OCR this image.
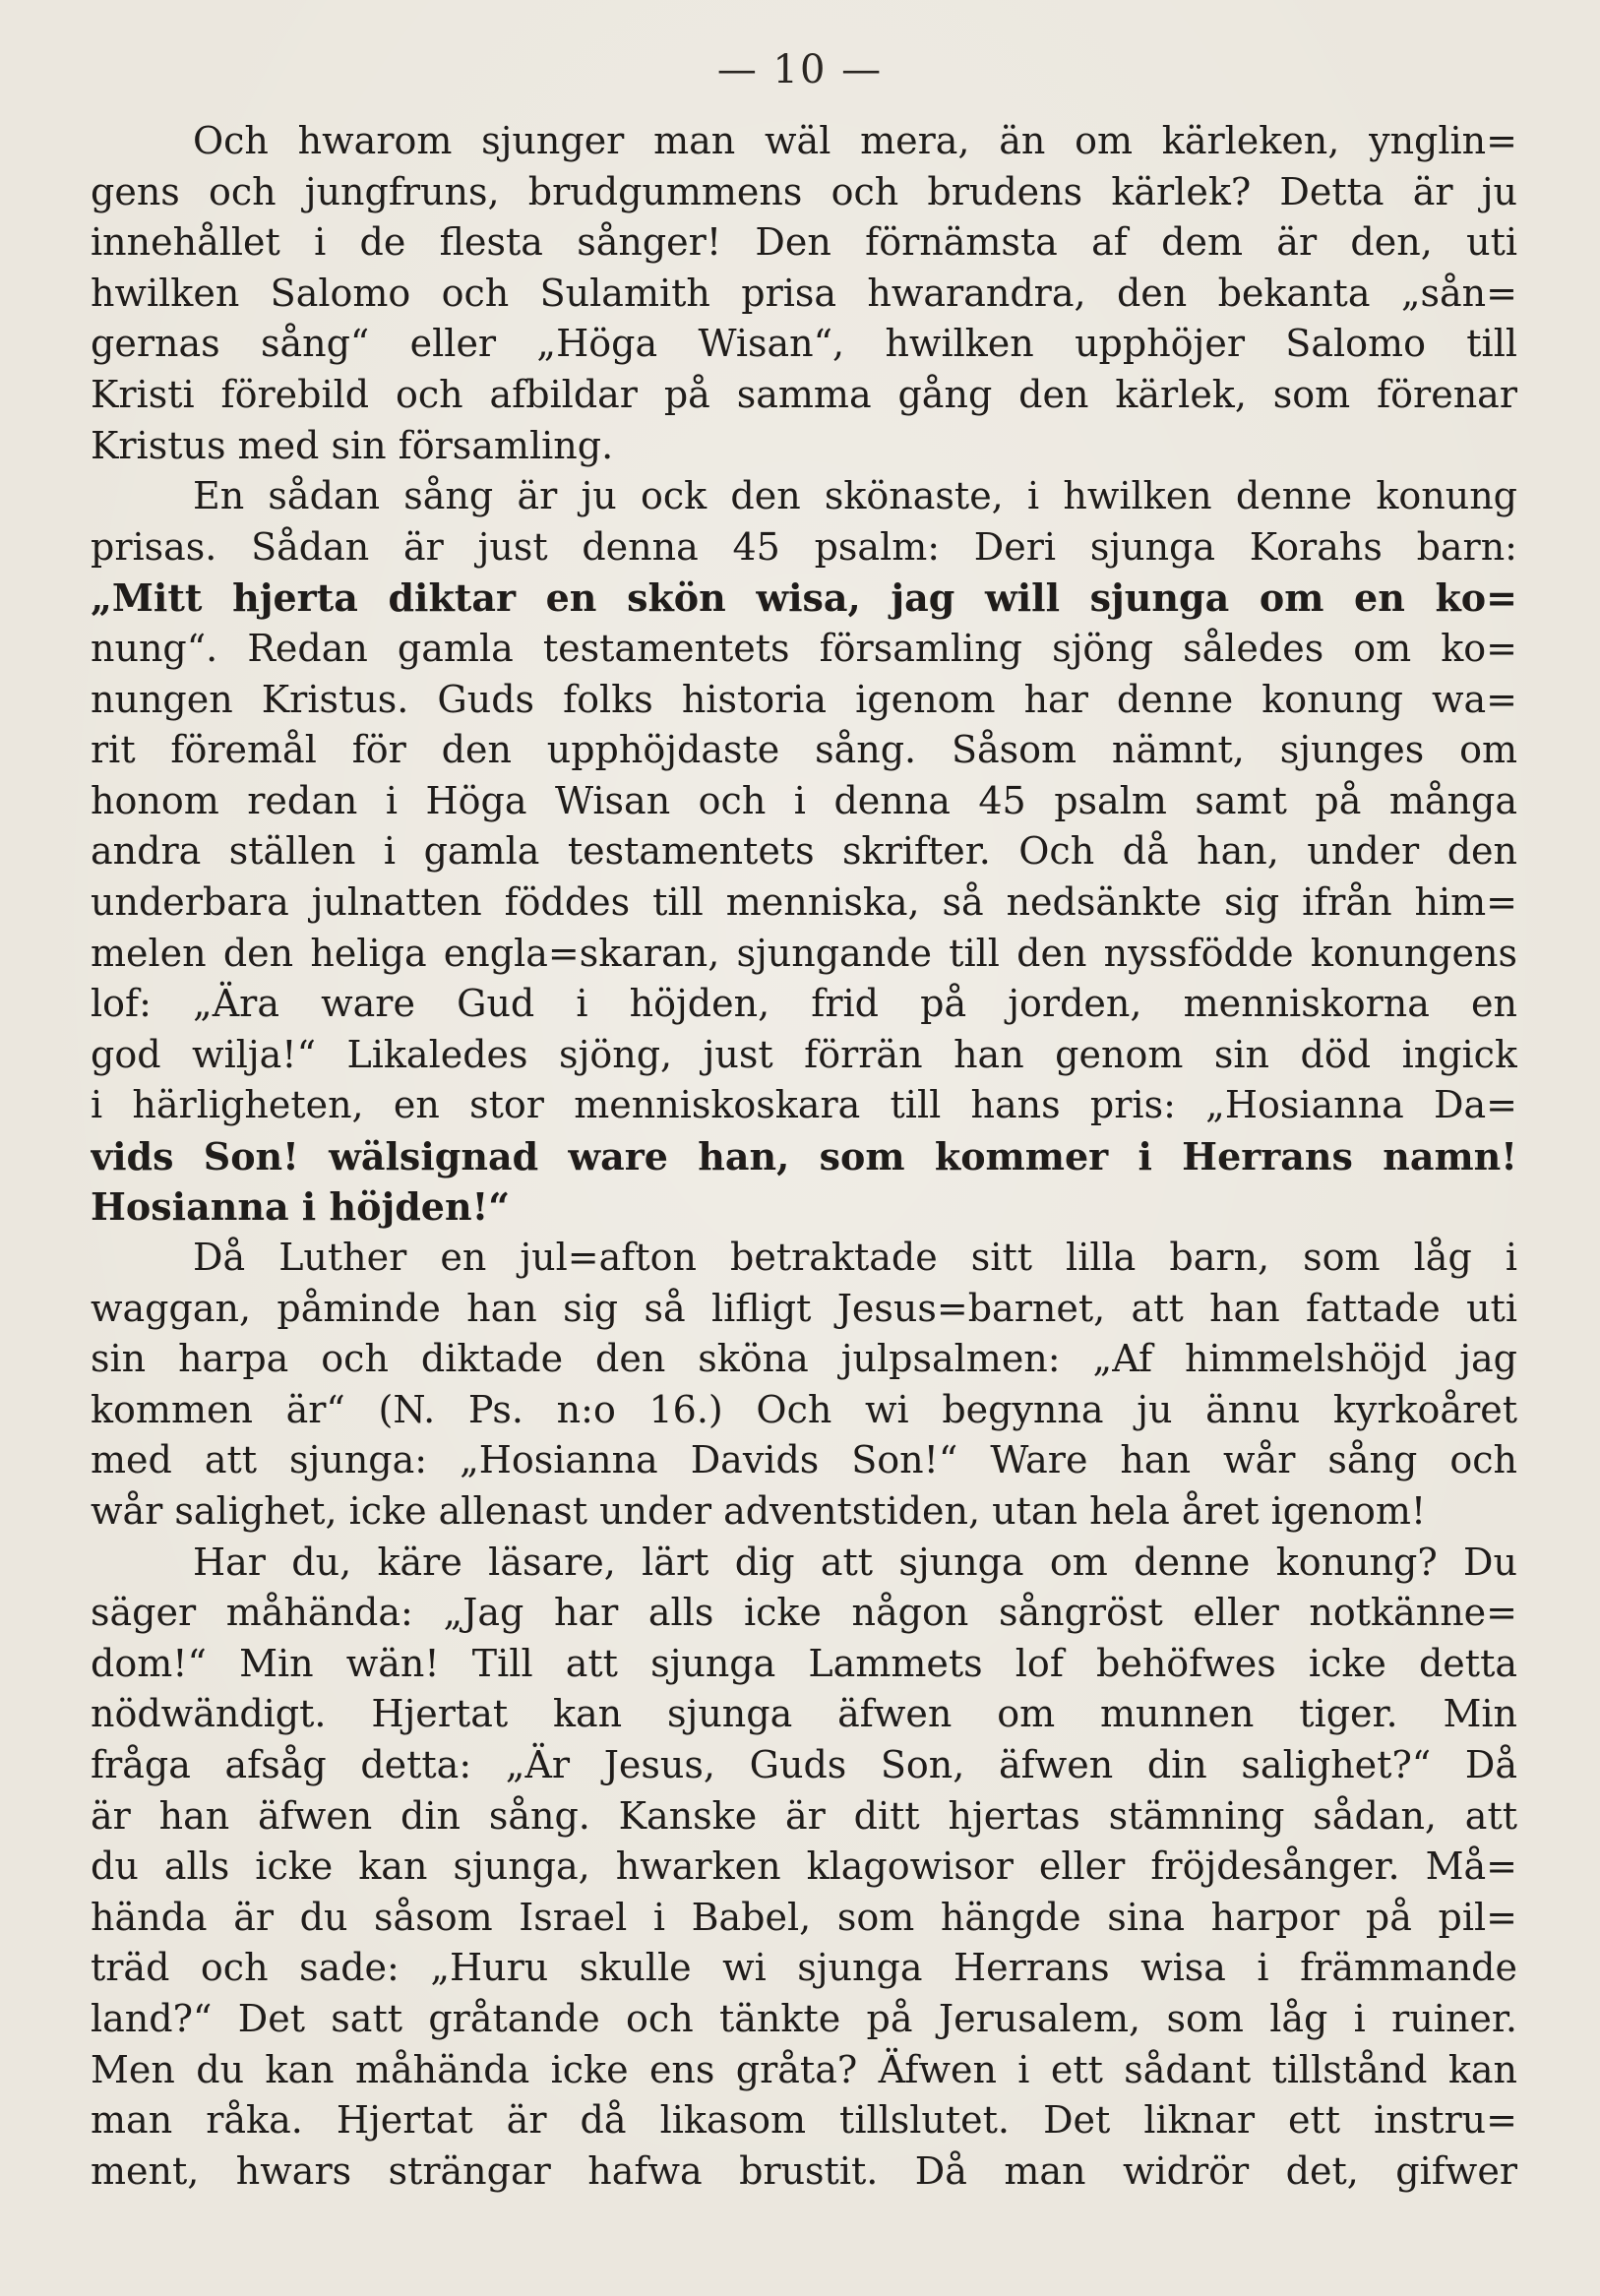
— 10 —
Och hwarom sjunger man wäl mera, än om kärleken, ynglin=
gens och jungfruns, brudgummens och brudens kärlek? Detta är ju
innehållet i de flesta sånger! Den förnämsta af dem är den, uti
hwilken Salomo och Sulamith prisa hwarandra, den bekanta „sån=
gernas sång“ eller „Höga Wisan“, hwilken upphöjer Salomo till
Kristi förebild och afbildar på samma gång den kärlek, som förenar
Kristus med sin församling.
En sådan sång är ju ock den skönaste, i hwilken denne konung
prisas. Sådan är just denna 45 psalm: Deri sjunga Korahs barn:
„Mitt hjerta diktar en skön wisa, jag will sjunga om en ko=
nung“. Redan gamla testamentets församling sjöng således om ko=
nungen Kristus. Guds folks historia igenom har denne konung wa=
rit föremål för den upphöjdaste sång. Såsom nämnt, sjunges om
honom redan i Höga Wisan och i denna 45 psalm samt på många
andra ställen i gamla testamentets skrifter. Och då han, under den
underbara julnatten föddes till menniska, så nedsänkte sig ifrån him=
melen den heliga engla=skaran, sjungande till den nyssfödde konungens
lof: „Ära ware Gud i höjden, frid på jorden, menniskorna en
god wilja!“ Likaledes sjöng, just förrän han genom sin död ingick
i härligheten, en stor menniskoskara till hans pris: „Hosianna Da=
vids Son! wälsignad ware han, som kommer i Herrans namn!
Hosianna i höjden!“
Då Luther en jul=afton betraktade sitt lilla barn, som låg i
waggan, påminde han sig så lifligt Jesus=barnet, att han fattade uti
sin harpa och diktade den sköna julpsalmen: „Af himmelshöjd jag
kommen är“ (N. Ps. n:o 16.) Och wi begynna ju ännu kyrkoåret
med att sjunga: „Hosianna Davids Son!“ Ware han wår sång och
wår salighet, icke allenast under adventstiden, utan hela året igenom!
Har du, käre läsare, lärt dig att sjunga om denne konung? Du
säger måhända: „Jag har alls icke någon sångröst eller notkänne=
dom!“ Min wän! Till att sjunga Lammets lof behöfwes icke detta
nödwändigt. Hjertat kan sjunga äfwen om munnen tiger. Min
fråga afsåg detta: „Är Jesus, Guds Son, äfwen din salighet?“ Då
är han äfwen din sång. Kanske är ditt hjertas stämning sådan, att
du alls icke kan sjunga, hwarken klagowisor eller fröjdesånger. Må=
hända är du såsom Israel i Babel, som hängde sina harpor på pil=
träd och sade: „Huru skulle wi sjunga Herrans wisa i främmande
land?“ Det satt gråtande och tänkte på Jerusalem, som låg i ruiner.
Men du kan måhända icke ens gråta? Äfwen i ett sådant tillstånd kan
man råka. Hjertat är då likasom tillslutet. Det liknar ett instru=
ment, hwars strängar hafwa brustit. Då man widrör det, gifwer
